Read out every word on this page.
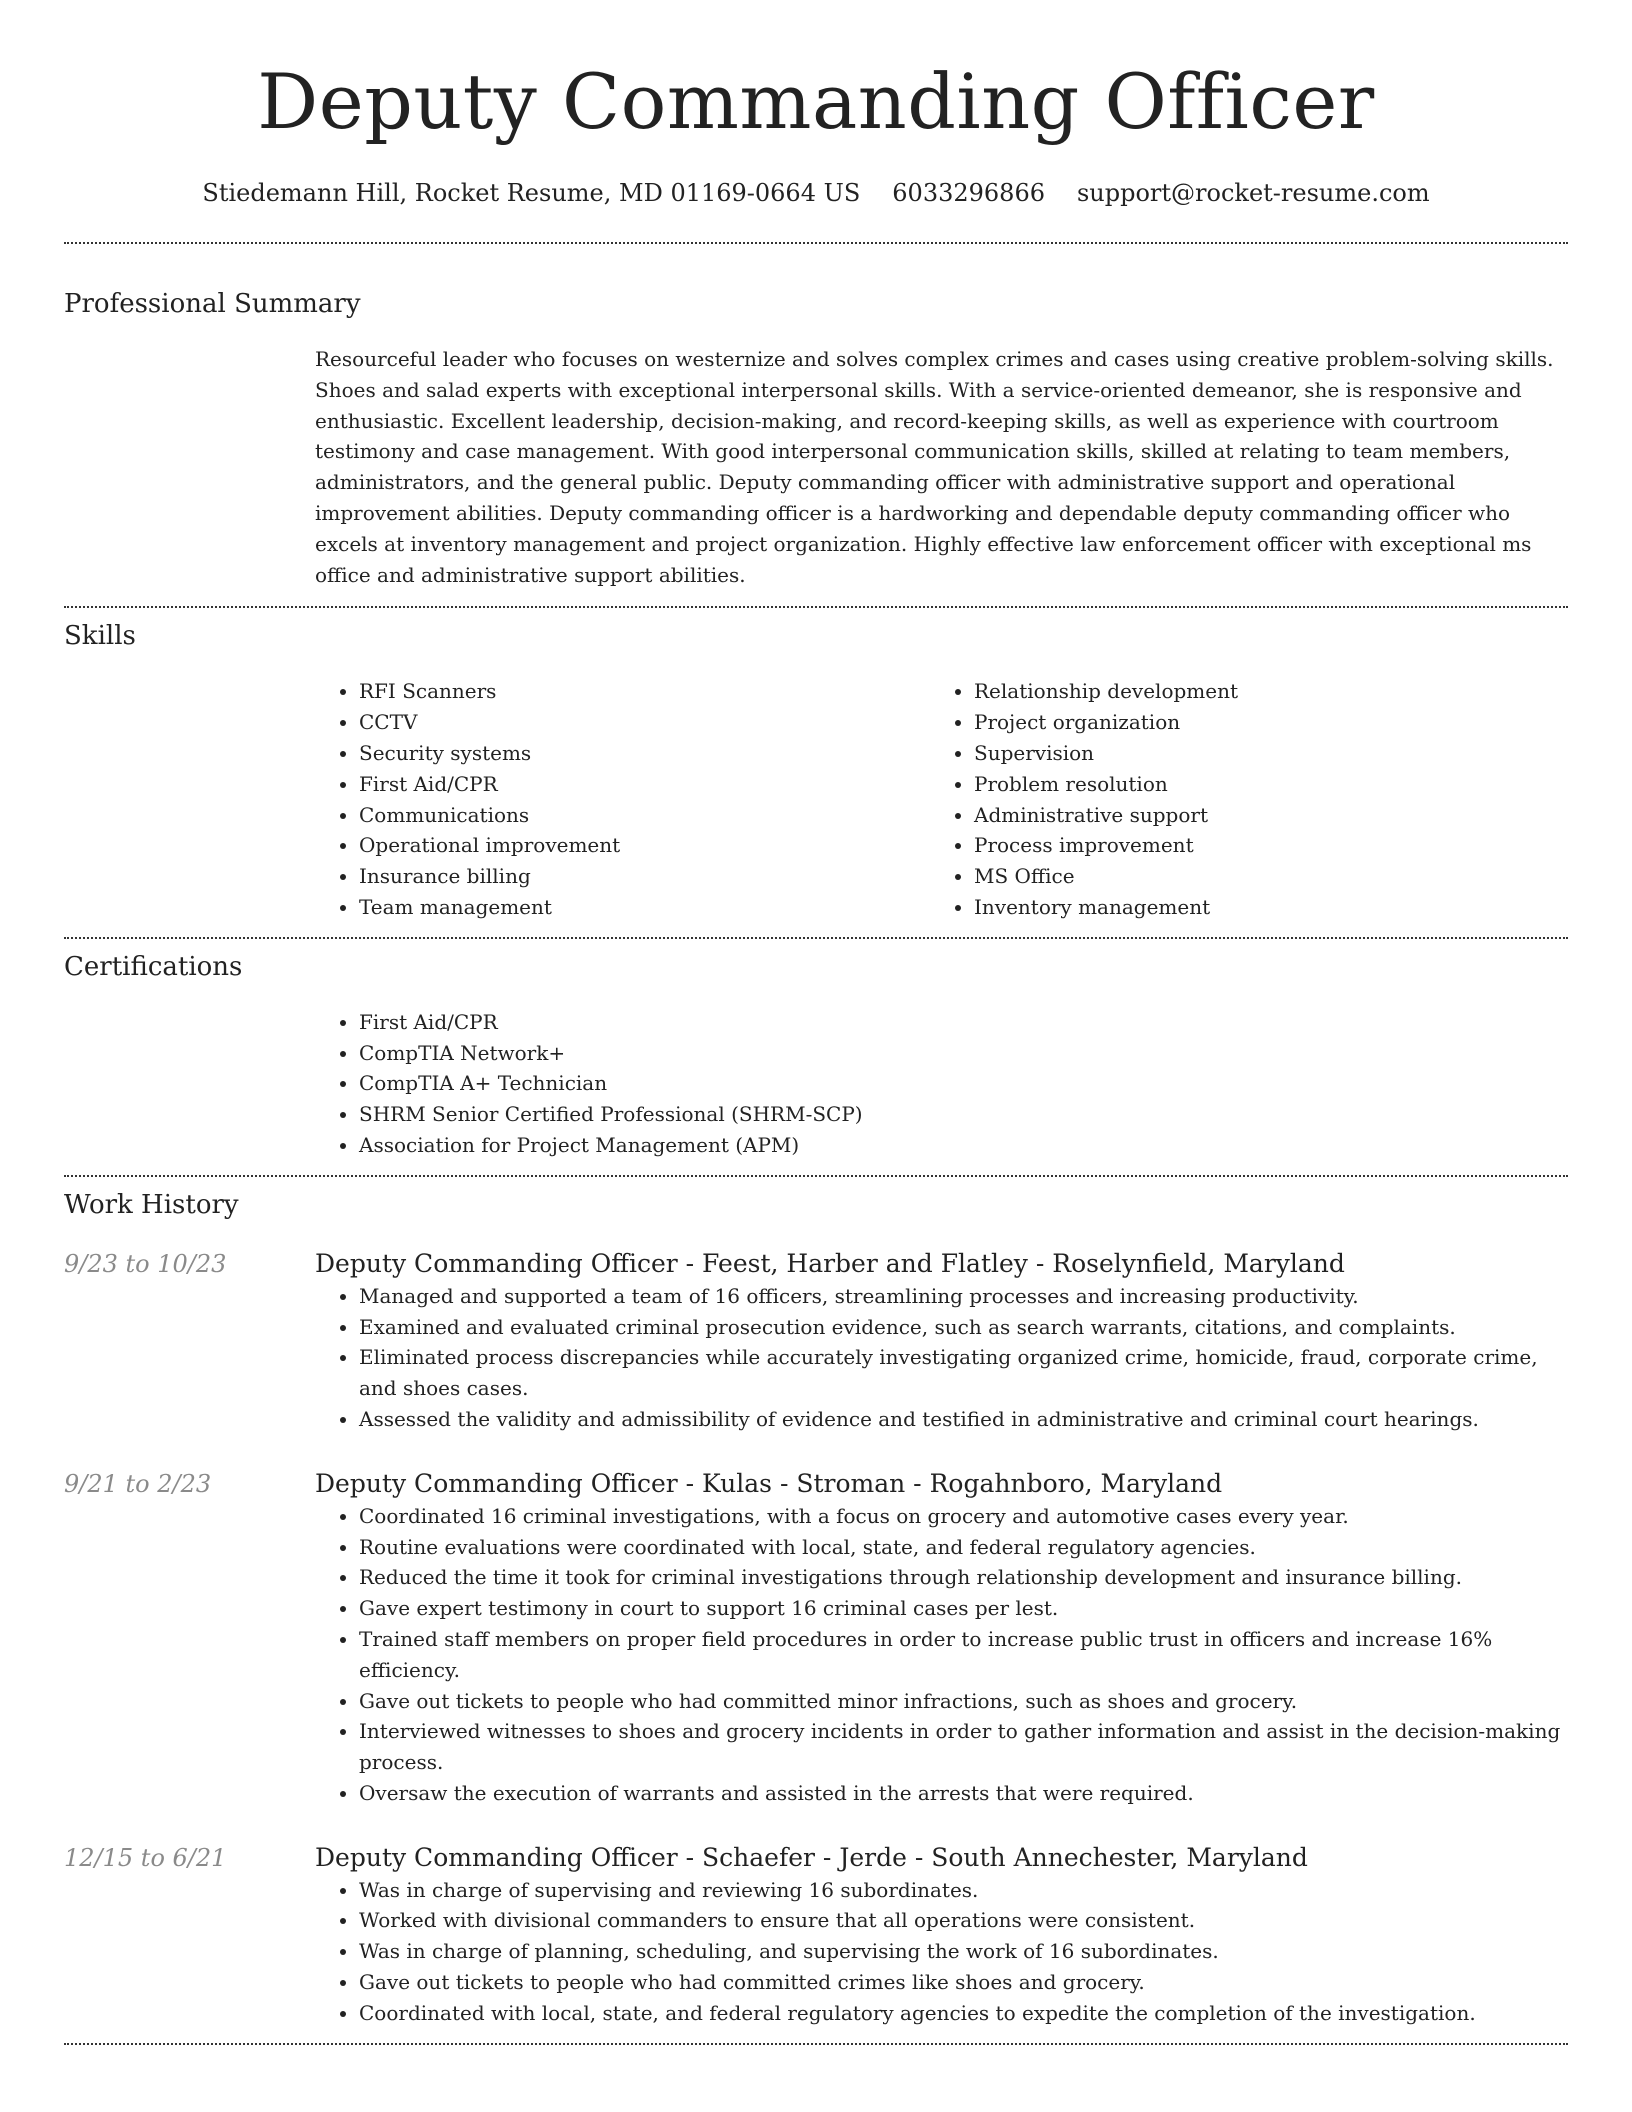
Deputy Commanding Officer
Stiedemann Hill, Rocket Resume, MD 01169-0664 US 6033296866 support@rocket-resume.com
Professional Summary
Resourceful leader who focuses on westernize and solves complex crimes and cases using creative problem-solving skills. Shoes and salad experts with exceptional interpersonal skills. With a service-oriented demeanor, she is responsive and enthusiastic. Excellent leadership, decision-making, and record-keeping skills, as well as experience with courtroom testimony and case management. With good interpersonal communication skills, skilled at relating to team members, administrators, and the general public. Deputy commanding officer with administrative support and operational improvement abilities. Deputy commanding officer is a hardworking and dependable deputy commanding officer who excels at inventory management and project organization. Highly effective law enforcement officer with exceptional ms office and administrative support abilities.
Skills
• RFI Scanners
• CCTV
• Security systems
• First Aid/CPR
• Communications
• Operational improvement
• Insurance billing
• Team management
• Relationship development
• Project organization
• Supervision
• Problem resolution
• Administrative support
• Process improvement
• MS Office
• Inventory management
Certifications
• First Aid/CPR
• CompTIA Network+
• CompTIA A+ Technician
• SHRM Senior Certified Professional (SHRM-SCP)
• Association for Project Management (APM)
Work History
9/23 to 10/23	Deputy Commanding Officer - Feest, Harber and Flatley - Roselynfield, Maryland
• Managed and supported a team of 16 officers, streamlining processes and increasing productivity.
• Examined and evaluated criminal prosecution evidence, such as search warrants, citations, and complaints.
• Eliminated process discrepancies while accurately investigating organized crime, homicide, fraud, corporate crime, and shoes cases.
• Assessed the validity and admissibility of evidence and testified in administrative and criminal court hearings.
9/21 to 2/23	Deputy Commanding Officer - Kulas - Stroman - Rogahnboro, Maryland
• Coordinated 16 criminal investigations, with a focus on grocery and automotive cases every year.
• Routine evaluations were coordinated with local, state, and federal regulatory agencies.
• Reduced the time it took for criminal investigations through relationship development and insurance billing.
• Gave expert testimony in court to support 16 criminal cases per lest.
• Trained staff members on proper field procedures in order to increase public trust in officers and increase 16% efficiency.
• Gave out tickets to people who had committed minor infractions, such as shoes and grocery.
• Interviewed witnesses to shoes and grocery incidents in order to gather information and assist in the decision-making process.
• Oversaw the execution of warrants and assisted in the arrests that were required.
12/15 to 6/21	Deputy Commanding Officer - Schaefer - Jerde - South Annechester, Maryland
• Was in charge of supervising and reviewing 16 subordinates.
• Worked with divisional commanders to ensure that all operations were consistent.
• Was in charge of planning, scheduling, and supervising the work of 16 subordinates.
• Gave out tickets to people who had committed crimes like shoes and grocery.
• Coordinated with local, state, and federal regulatory agencies to expedite the completion of the investigation.
